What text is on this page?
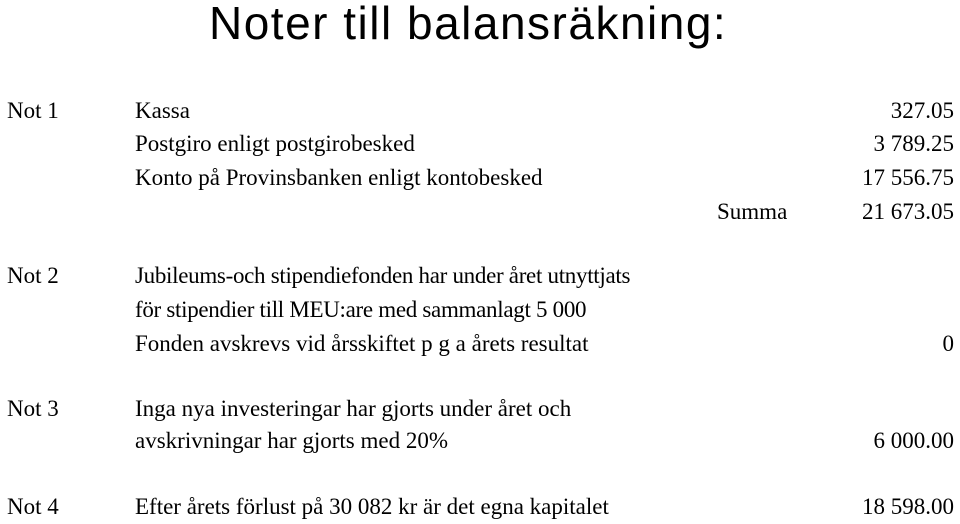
Noter till balansräkning:
Not 1	Kassa	327.05
Postgiro enligt postgirobesked	3 789.25
Konto på Provinsbanken enligt kontobesked	17 556.75
Summa	21 673.05
Not 2	Jubileums-och stipendiefonden har under året utnyttjats
för stipendier till MEU:are med sammanlagt 5 000
Fonden avskrevs vid årsskiftet p g a årets resultat	0
Not 3	Inga nya investeringar har gjorts under året och
avskrivningar har gjorts med 20%	6 000.00
Not 4	Efter årets förlust på 30 082 kr är det egna kapitalet	18 598.00
